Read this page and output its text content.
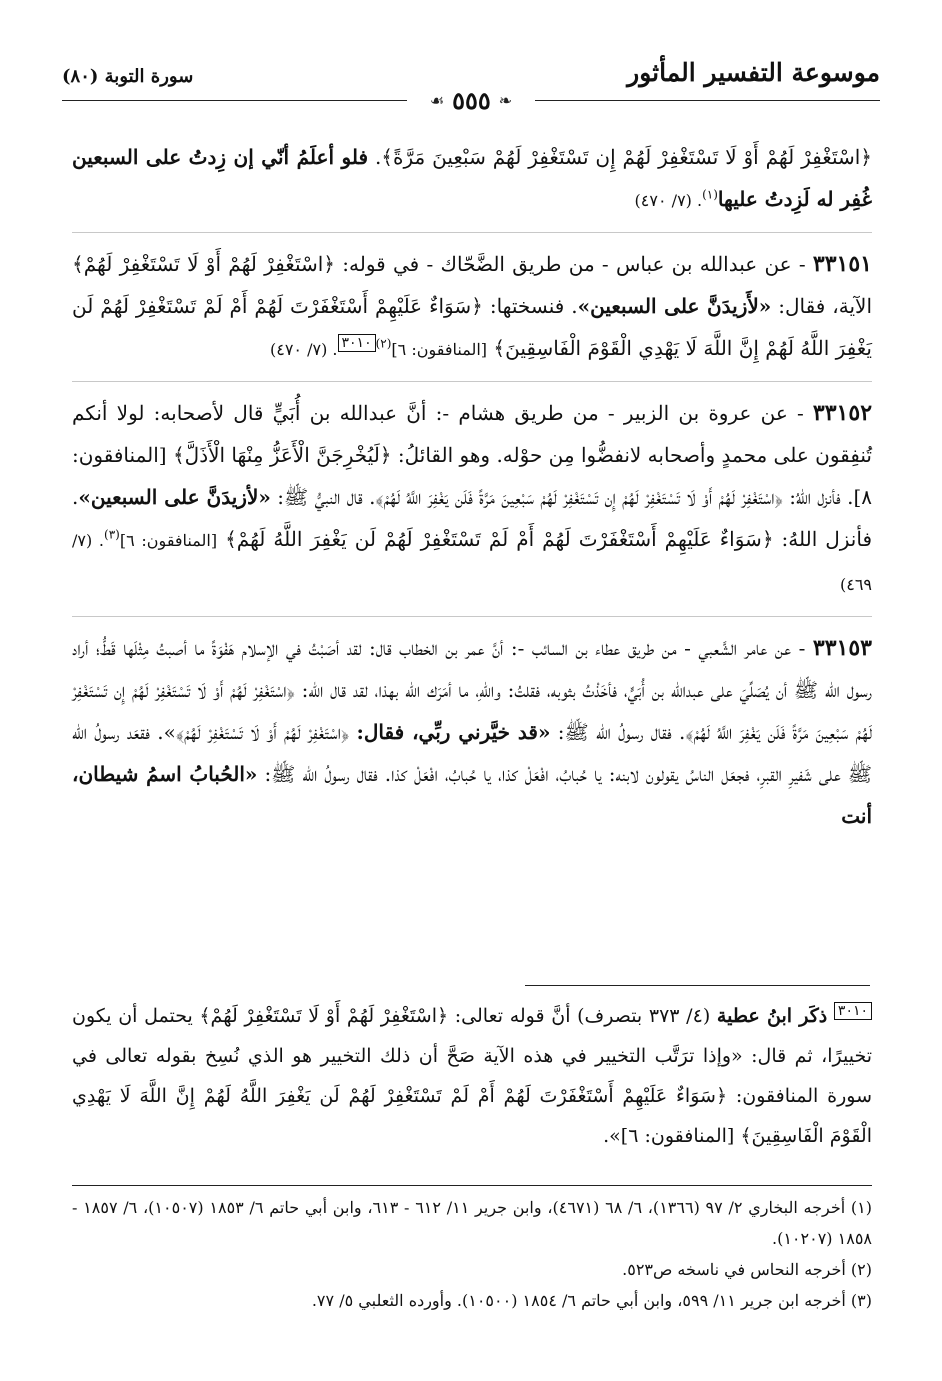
موسوعة التفسير المأثور
سورة التوبة (٨٠)
❧
٥٥٥
☙

﴿اسْتَغْفِرْ لَهُمْ أَوْ لَا تَسْتَغْفِرْ لَهُمْ إِن تَسْتَغْفِرْ لَهُمْ سَبْعِينَ مَرَّةً﴾. فلو أعلَمُ أنّي إن زِدتُ على السبعين غُفِر له لَزِدتُ عليها$^{(١)}$. (٧/ ٤٧٠)

٣٣١٥١ - عن عبدالله بن عباس - من طريق الضَّحّاك - في قوله: ﴿اسْتَغْفِرْ لَهُمْ أَوْ لَا تَسْتَغْفِرْ لَهُمْ﴾ الآية، فقال: «لأَزيدَنَّ على السبعين». فنسختها: ﴿سَوَاءٌ عَلَيْهِمْ أَسْتَغْفَرْتَ لَهُمْ أَمْ لَمْ تَسْتَغْفِرْ لَهُمْ لَن يَغْفِرَ اللَّهُ لَهُمْ إِنَّ اللَّهَ لَا يَهْدِي الْقَوْمَ الْفَاسِقِينَ﴾ [المنافقون: ٦]$^{(٢)}$٣٠١٠. (٧/ ٤٧٠)

٣٣١٥٢ - عن عروة بن الزبير - من طريق هشام -: أنَّ عبدالله بن أُبَيٍّ قال لأصحابه: لولا أنكم تُنفِقون على محمدٍ وأصحابه لانفضُّوا مِن حوْله. وهو القائلُ: ﴿لَيُخْرِجَنَّ الْأَعَزُّ مِنْهَا الْأَذَلَّ﴾ [المنافقون: ٨]. فأنزل اللهُ: ﴿اسْتَغْفِرْ لَهُمْ أَوْ لَا تَسْتَغْفِرْ لَهُمْ إِن تَسْتَغْفِرْ لَهُمْ سَبْعِينَ مَرَّةً فَلَن يَغْفِرَ اللَّهُ لَهُمْ﴾. قال النبيُّ ﷺ: «لأزيدَنَّ على السبعين». فأنزل اللهُ: ﴿سَوَاءٌ عَلَيْهِمْ أَسْتَغْفَرْتَ لَهُمْ أَمْ لَمْ تَسْتَغْفِرْ لَهُمْ لَن يَغْفِرَ اللَّهُ لَهُمْ﴾ [المنافقون: ٦]$^{(٣)}$. (٧/ ٤٦٩)

٣٣١٥٣ - عن عامر الشَّعبي - من طريق عطاء بن السائب -: أنَّ عمر بن الخطاب قال: لقد أصَبْتُ في الإسلام هَفْوَةً ما أصبتُ مِثْلَها قَطُّ؛ أراد رسول الله ﷺ أن يُصَلِّيَ على عبدالله بن أُبَيٍّ، فأخَذْتُ بثوبه، فقلتُ: واللهِ، ما أمَرَك الله بهذا، لقد قال الله: ﴿اسْتَغْفِرْ لَهُمْ أَوْ لَا تَسْتَغْفِرْ لَهُمْ إِن تَسْتَغْفِرْ لَهُمْ سَبْعِينَ مَرَّةً فَلَن يَغْفِرَ اللَّهُ لَهُمْ﴾. فقال رسولُ الله ﷺ: «قد خيَّرني ربِّي، فقال: ﴿اسْتَغْفِرْ لَهُمْ أَوْ لَا تَسْتَغْفِرْ لَهُمْ﴾». فقعَد رسولُ الله ﷺ على شَفيرِ القبرِ، فجعَل الناسُ يقولون لابنه: يا حُبابُ، افْعَلْ كذا، يا حُبابُ، افْعَلْ كذا. فقال رسولُ الله ﷺ: «الحُبابُ اسمُ شيطان، أنت

٣٠١٠ ذكَر ابنُ عطية (٤/ ٣٧٣ بتصرف) أنَّ قوله تعالى: ﴿اسْتَغْفِرْ لَهُمْ أَوْ لَا تَسْتَغْفِرْ لَهُمْ﴾ يحتمل أن يكون تخييرًا، ثم قال: «وإذا ترَتَّب التخيير في هذه الآية صَحَّ أن ذلك التخيير هو الذي نُسِخ بقوله تعالى في سورة المنافقون: ﴿سَوَاءٌ عَلَيْهِمْ أَسْتَغْفَرْتَ لَهُمْ أَمْ لَمْ تَسْتَغْفِرْ لَهُمْ لَن يَغْفِرَ اللَّهُ لَهُمْ إِنَّ اللَّهَ لَا يَهْدِي الْقَوْمَ الْفَاسِقِينَ﴾ [المنافقون: ٦]».

(١) أخرجه البخاري ٢/ ٩٧ (١٣٦٦)، ٦/ ٦٨ (٤٦٧١)، وابن جرير ١١/ ٦١٢ - ٦١٣، وابن أبي حاتم ٦/ ١٨٥٣ (١٠٥٠٧)، ٦/ ١٨٥٧ - ١٨٥٨ (١٠٢٠٧).

(٢) أخرجه النحاس في ناسخه ص٥٢٣.

(٣) أخرجه ابن جرير ١١/ ٥٩٩، وابن أبي حاتم ٦/ ١٨٥٤ (١٠٥٠٠). وأورده الثعلبي ٥/ ٧٧.
